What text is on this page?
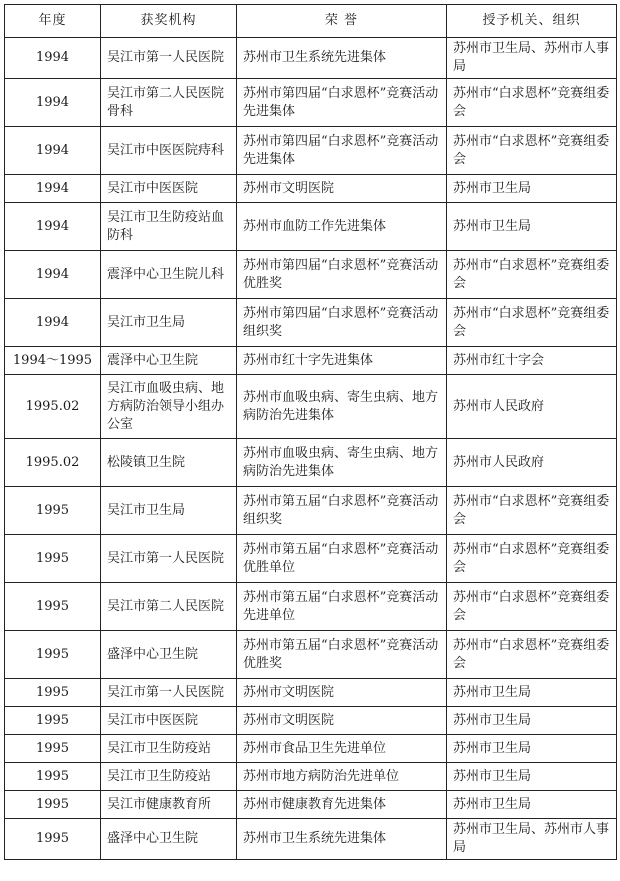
年度	获奖机构	荣 誉	授予机关、组织
1994	吴江市第一人民医院	苏州市卫生系统先进集体	苏州市卫生局、苏州市人事局
1994	吴江市第二人民医院骨科	苏州市第四届“白求恩杯”竞赛活动先进集体	苏州市“白求恩杯”竞赛组委会
1994	吴江市中医医院痔科	苏州市第四届“白求恩杯”竞赛活动先进集体	苏州市“白求恩杯”竞赛组委会
1994	吴江市中医医院	苏州市文明医院	苏州市卫生局
1994	吴江市卫生防疫站血防科	苏州市血防工作先进集体	苏州市卫生局
1994	震泽中心卫生院儿科	苏州市第四届“白求恩杯”竞赛活动优胜奖	苏州市“白求恩杯”竞赛组委会
1994	吴江市卫生局	苏州市第四届“白求恩杯”竞赛活动组织奖	苏州市“白求恩杯”竞赛组委会
1994～1995	震泽中心卫生院	苏州市红十字先进集体	苏州市红十字会
1995.02	吴江市血吸虫病、地方病防治领导小组办公室	苏州市血吸虫病、寄生虫病、地方病防治先进集体	苏州市人民政府
1995.02	松陵镇卫生院	苏州市血吸虫病、寄生虫病、地方病防治先进集体	苏州市人民政府
1995	吴江市卫生局	苏州市第五届“白求恩杯”竞赛活动组织奖	苏州市“白求恩杯”竞赛组委会
1995	吴江市第一人民医院	苏州市第五届“白求恩杯”竞赛活动优胜单位	苏州市“白求恩杯”竞赛组委会
1995	吴江市第二人民医院	苏州市第五届“白求恩杯”竞赛活动先进单位	苏州市“白求恩杯”竞赛组委会
1995	盛泽中心卫生院	苏州市第五届“白求恩杯”竞赛活动优胜奖	苏州市“白求恩杯”竞赛组委会
1995	吴江市第一人民医院	苏州市文明医院	苏州市卫生局
1995	吴江市中医医院	苏州市文明医院	苏州市卫生局
1995	吴江市卫生防疫站	苏州市食品卫生先进单位	苏州市卫生局
1995	吴江市卫生防疫站	苏州市地方病防治先进单位	苏州市卫生局
1995	吴江市健康教育所	苏州市健康教育先进集体	苏州市卫生局
1995	盛泽中心卫生院	苏州市卫生系统先进集体	苏州市卫生局、苏州市人事局
